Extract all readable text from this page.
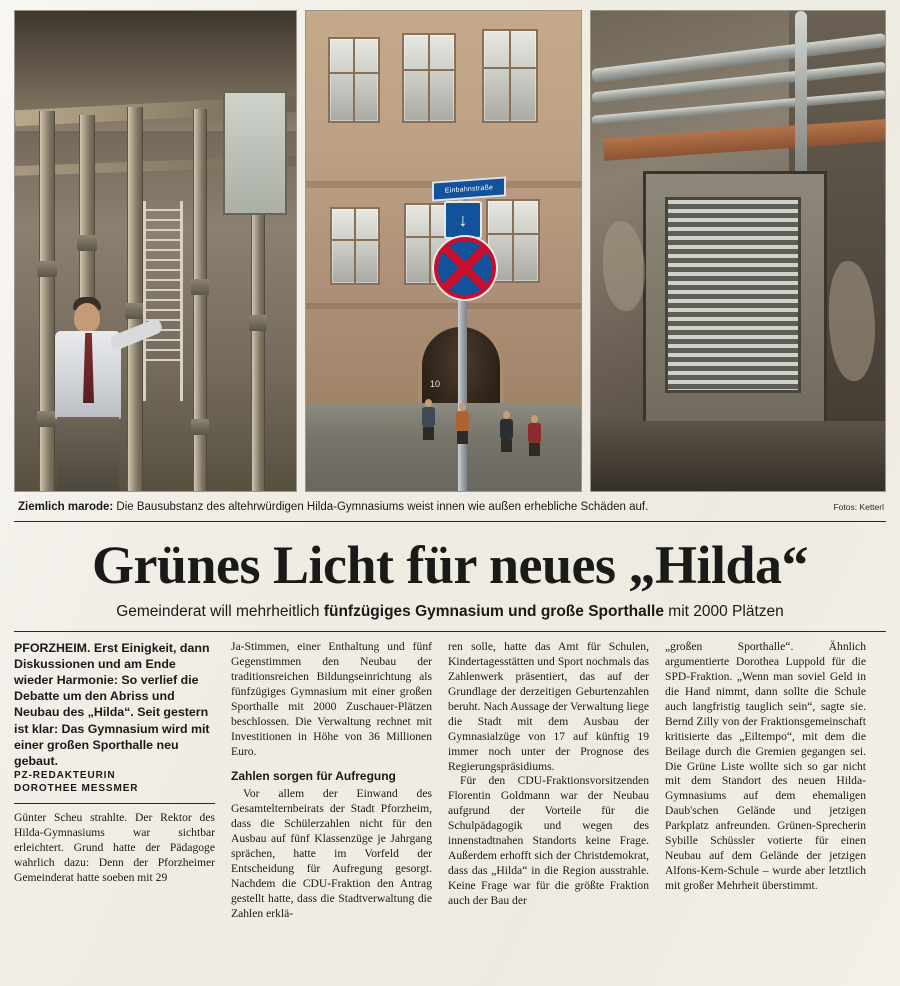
10
Einbahnstraße
↓
Ziemlich marode: Die Bausubstanz des altehrwürdigen Hilda-Gymnasiums weist innen wie außen erhebliche Schäden auf.	Fotos: Ketterl
Grünes Licht für neues „Hilda“
Gemeinderat will mehrheitlich fünfzügiges Gymnasium und große Sporthalle mit 2000 Plätzen

PFORZHEIM. Erst Einigkeit, dann Diskussionen und am Ende wieder Harmonie: So verlief die Debatte um den Abriss und Neubau des „Hilda“. Seit gestern ist klar: Das Gymnasium wird mit einer großen Sporthalle neu gebaut.

PZ-REDAKTEURIN
DOROTHEE MESSMER

Günter Scheu strahlte. Der Rektor des Hilda-Gymnasiums war sichtbar erleichtert. Grund hatte der Pädagoge wahrlich dazu: Denn der Pforzheimer Gemeinderat hatte soeben mit 29

Ja-Stimmen, einer Enthaltung und fünf Gegenstimmen den Neubau der traditionsreichen Bildungseinrichtung als fünfzügiges Gymnasium mit einer großen Sporthalle mit 2000 Zuschauer-Plätzen beschlossen. Die Verwaltung rechnet mit Investitionen in Höhe von 36 Millionen Euro.

Zahlen sorgen für Aufregung

Vor allem der Einwand des Gesamtelternbeirats der Stadt Pforzheim, dass die Schülerzahlen nicht für den Ausbau auf fünf Klassenzüge je Jahrgang sprächen, hatte im Vorfeld der Entscheidung für Aufregung gesorgt. Nachdem die CDU-Fraktion den Antrag gestellt hatte, dass die Stadtverwaltung die Zahlen erklä-

ren solle, hatte das Amt für Schulen, Kindertagesstätten und Sport nochmals das Zahlenwerk präsentiert, das auf der Grundlage der derzeitigen Geburtenzahlen beruht. Nach Aussage der Verwaltung liege die Stadt mit dem Ausbau der Gymnasialzüge von 17 auf künftig 19 immer noch unter der Prognose des Regierungspräsidiums.

Für den CDU-Fraktionsvorsitzenden Florentin Goldmann war der Neubau aufgrund der Vorteile für die Schulpädagogik und wegen des innenstadtnahen Standorts keine Frage. Außerdem erhofft sich der Christdemokrat, dass das „Hilda“ in die Region ausstrahle. Keine Frage war für die größte Fraktion auch der Bau der

„großen Sporthalle“. Ähnlich argumentierte Dorothea Luppold für die SPD-Fraktion. „Wenn man soviel Geld in die Hand nimmt, dann sollte die Schule auch langfristig tauglich sein“, sagte sie. Bernd Zilly von der Fraktionsgemeinschaft kritisierte das „Eiltempo“, mit dem die Beilage durch die Gremien gegangen sei. Die Grüne Liste wollte sich so gar nicht mit dem Standort des neuen Hilda-Gymnasiums auf dem ehemaligen Daub'schen Gelände und jetzigen Parkplatz anfreunden. Grünen-Sprecherin Sybille Schüssler votierte für einen Neubau auf dem Gelände der jetzigen Alfons-Kern-Schule – wurde aber letztlich mit großer Mehrheit überstimmt.
